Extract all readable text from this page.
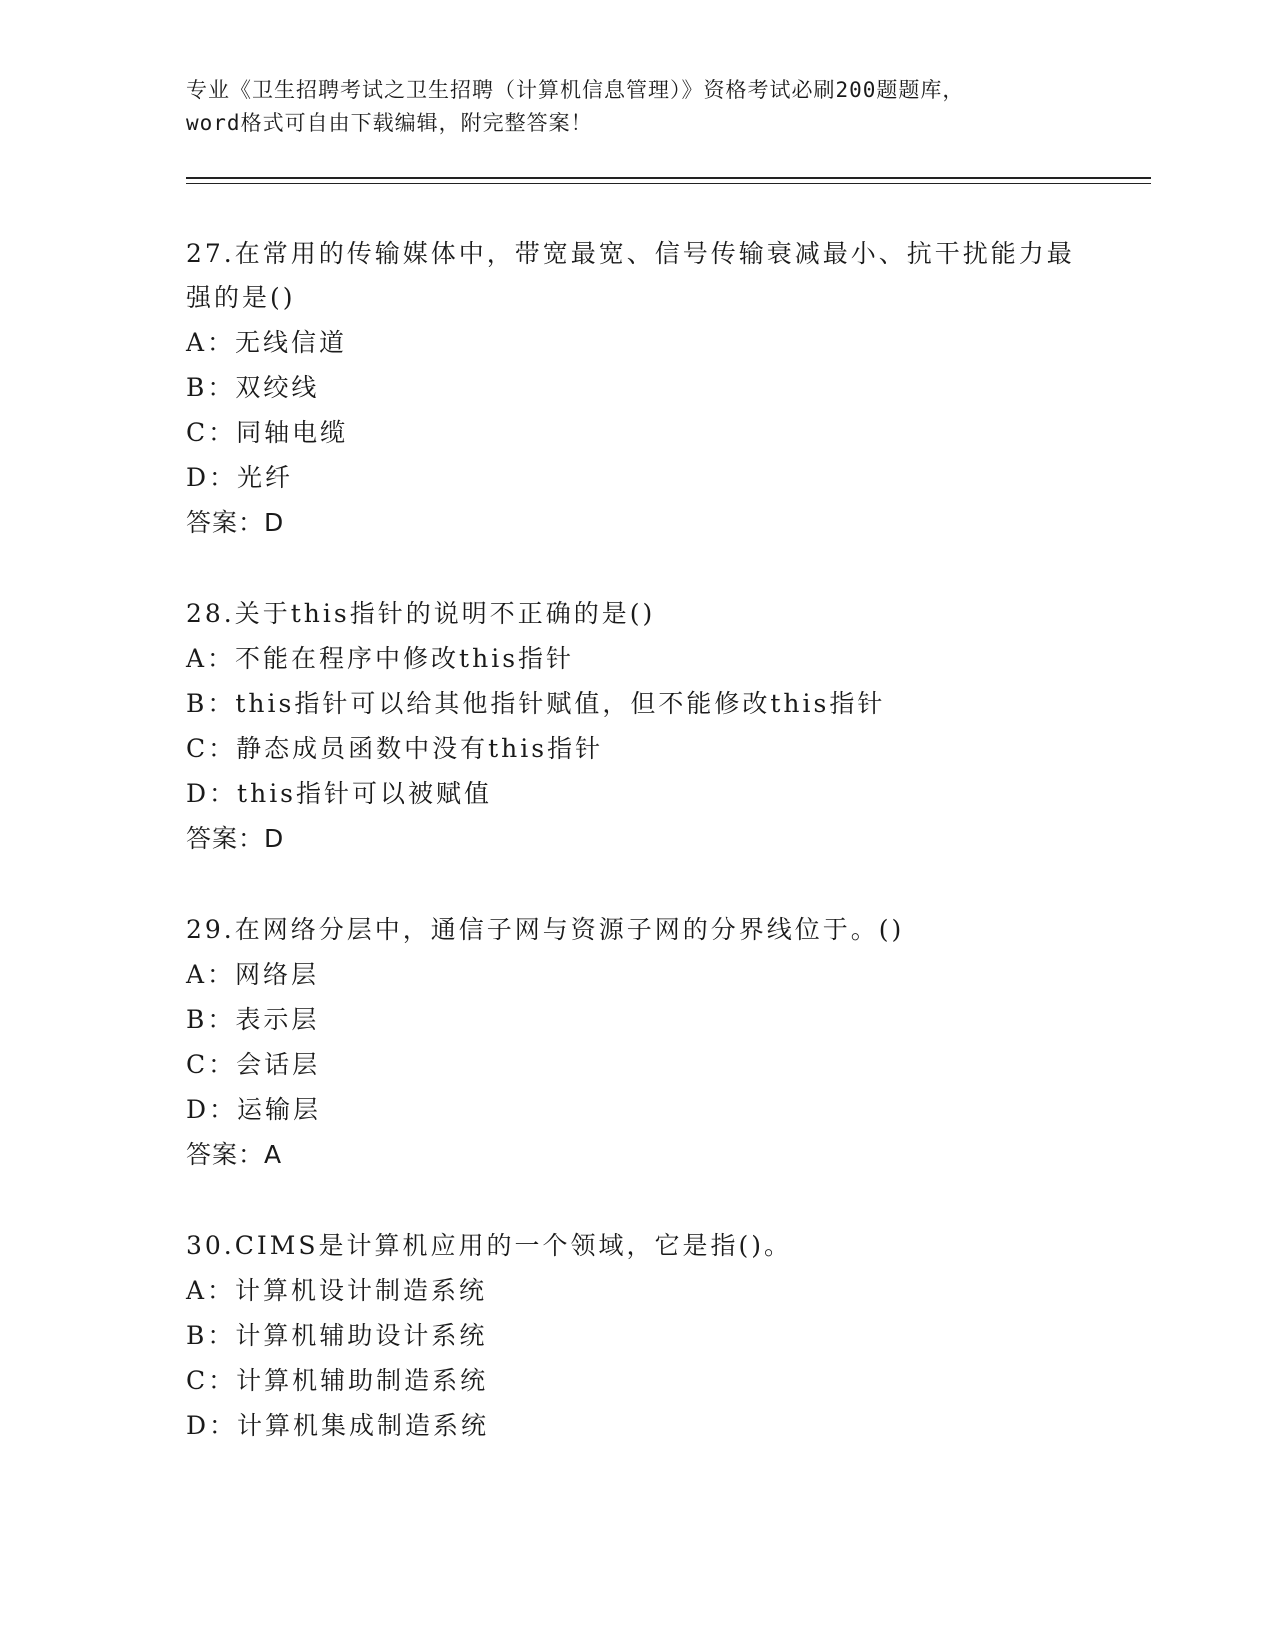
专业《卫生招聘考试之卫生招聘（计算机信息管理）》资格考试必刷200题题库，
word格式可自由下载编辑，附完整答案！
27.在常用的传输媒体中，带宽最宽、信号传输衰减最小、抗干扰能力最强的是()
A：无线信道
B：双绞线
C：同轴电缆
D：光纤
答案：D
28.关于this指针的说明不正确的是()
A：不能在程序中修改this指针
B：this指针可以给其他指针赋值，但不能修改this指针
C：静态成员函数中没有this指针
D：this指针可以被赋值
答案：D
29.在网络分层中，通信子网与资源子网的分界线位于。()
A：网络层
B：表示层
C：会话层
D：运输层
答案：A
30.CIMS是计算机应用的一个领域，它是指()。
A：计算机设计制造系统
B：计算机辅助设计系统
C：计算机辅助制造系统
D：计算机集成制造系统
